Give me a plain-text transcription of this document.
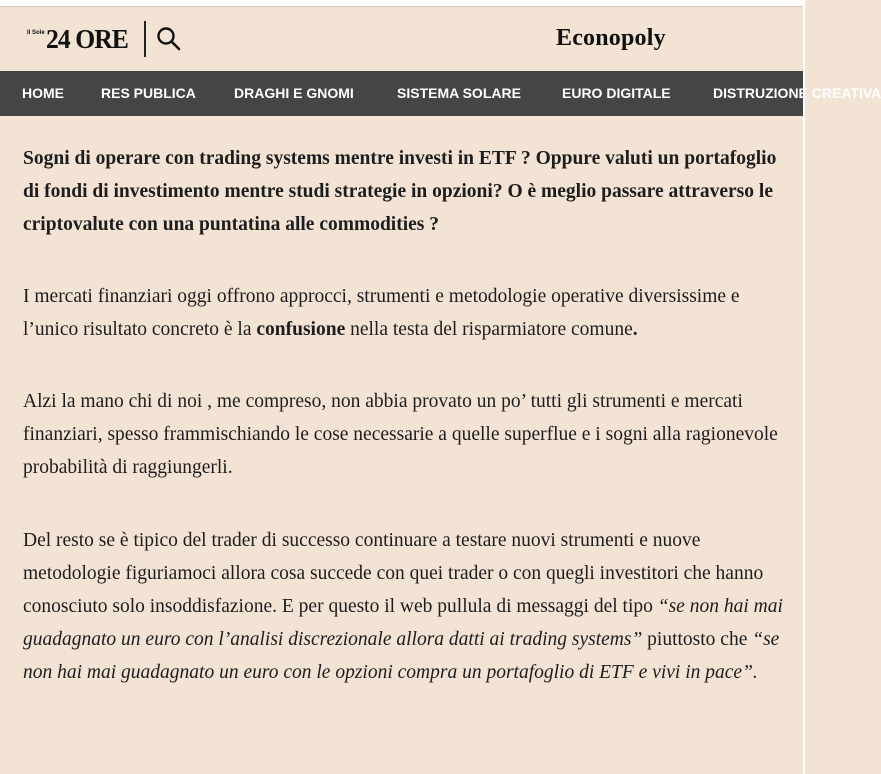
Il Sole 24 ORE	Econopoly
HOME	RES PUBLICA	DRAGHI E GNOMI	SISTEMA SOLARE	EURO DIGITALE	DISTRUZIONE CREATIVA

Sogni di operare con trading systems mentre investi in ETF ? Oppure valuti un portafoglio di fondi di investimento mentre studi strategie in opzioni? O è meglio passare attraverso le criptovalute con una puntatina alle commodities ?

I mercati finanziari oggi offrono approcci, strumenti e metodologie operative diversissime e l’unico risultato concreto è la confusione nella testa del risparmiatore comune.

Alzi la mano chi di noi , me compreso, non abbia provato un po’ tutti gli strumenti e mercati finanziari, spesso frammischiando le cose necessarie a quelle superflue e i sogni alla ragionevole probabilità di raggiungerli.

Del resto se è tipico del trader di successo continuare a testare nuovi strumenti e nuove metodologie figuriamoci allora cosa succede con quei trader o con quegli investitori che hanno conosciuto solo insoddisfazione. E per questo il web pullula di messaggi del tipo “se non hai mai guadagnato un euro con l’analisi discrezionale allora datti ai trading systems” piuttosto che “se non hai mai guadagnato un euro con le opzioni compra un portafoglio di ETF e vivi in pace”.
